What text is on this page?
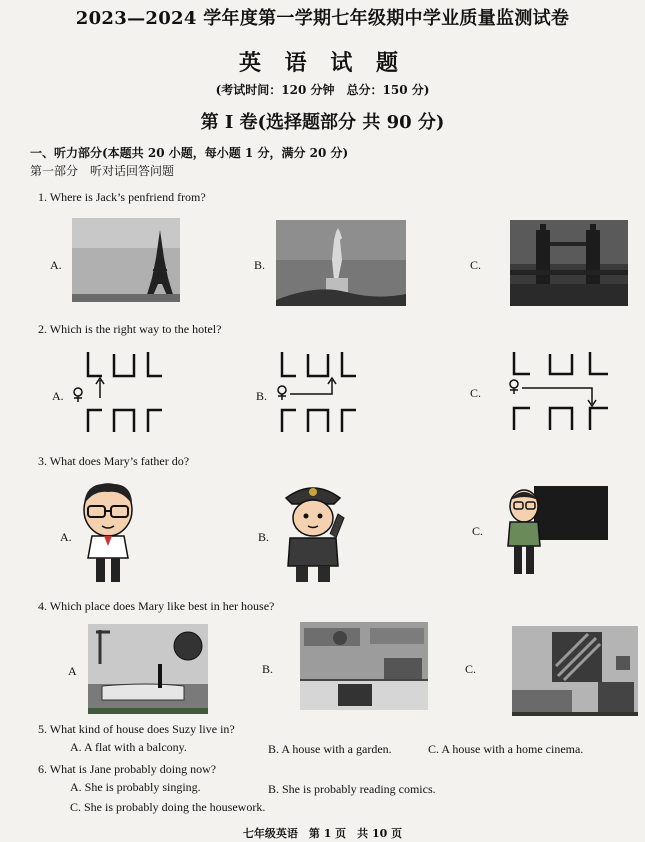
2023—2024 学年度第一学期七年级期中学业质量监测试卷
英 语 试 题
(考试时间：120 分钟　总分：150 分)
第 I 卷(选择题部分 共 90 分)
一、听力部分(本题共 20 小题，每小题 1 分，满分 20 分)
第一部分　听对话回答问题
1. Where is Jack’s penfriend from?
A.	B.	C.
2. Which is the right way to the hotel?
A.	B.	C.
3. What does Mary’s father do?
A.	B.	C.
4. Which place does Mary like best in her house?
A	B.	C.
5. What kind of house does Suzy live in?
A. A flat with a balcony.	B. A house with a garden.	C. A house with a home cinema.
6. What is Jane probably doing now?
A. She is probably singing.	B. She is probably reading comics.
C. She is probably doing the housework.
七年级英语　第 1 页　共 10 页
